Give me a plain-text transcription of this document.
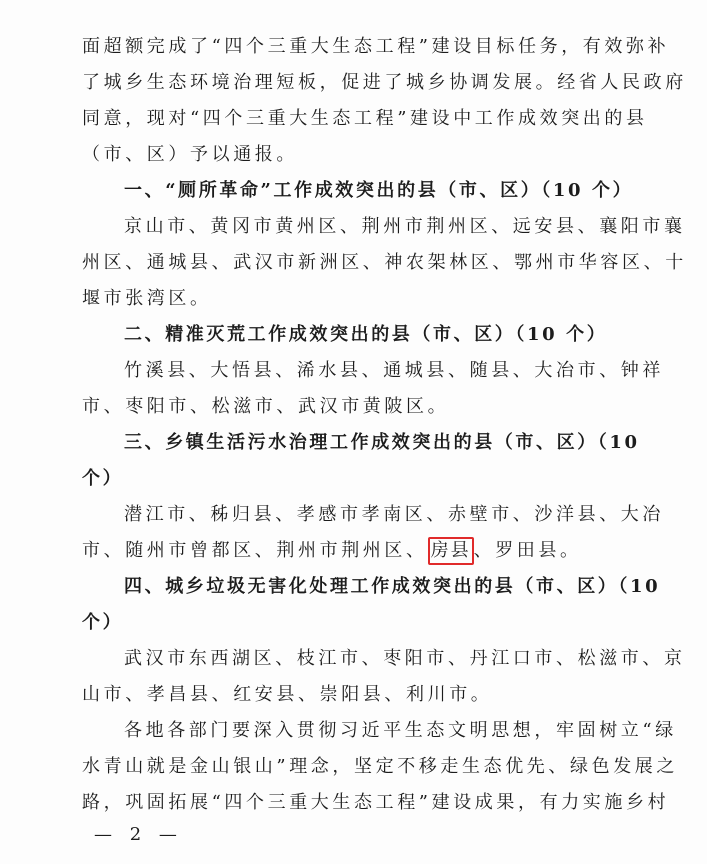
面超额完成了“四个三重大生态工程”建设目标任务，有效弥补
了城乡生态环境治理短板，促进了城乡协调发展。经省人民政府
同意，现对“四个三重大生态工程”建设中工作成效突出的县
（市、区）予以通报。
一、“厕所革命”工作成效突出的县（市、区）（10 个）
京山市、黄冈市黄州区、荆州市荆州区、远安县、襄阳市襄
州区、通城县、武汉市新洲区、神农架林区、鄂州市华容区、十
堰市张湾区。
二、精准灭荒工作成效突出的县（市、区）（10 个）
竹溪县、大悟县、浠水县、通城县、随县、大冶市、钟祥
市、枣阳市、松滋市、武汉市黄陂区。
三、乡镇生活污水治理工作成效突出的县（市、区）（10
个）
潜江市、秭归县、孝感市孝南区、赤壁市、沙洋县、大冶
市、随州市曾都区、荆州市荆州区、 房县 、罗田县。
四、城乡垃圾无害化处理工作成效突出的县（市、区）（10
个）
武汉市东西湖区、枝江市、枣阳市、丹江口市、松滋市、京
山市、孝昌县、红安县、崇阳县、利川市。
各地各部门要深入贯彻习近平生态文明思想，牢固树立“绿
水青山就是金山银山”理念，坚定不移走生态优先、绿色发展之
路，巩固拓展“四个三重大生态工程”建设成果，有力实施乡村
— 2 —
